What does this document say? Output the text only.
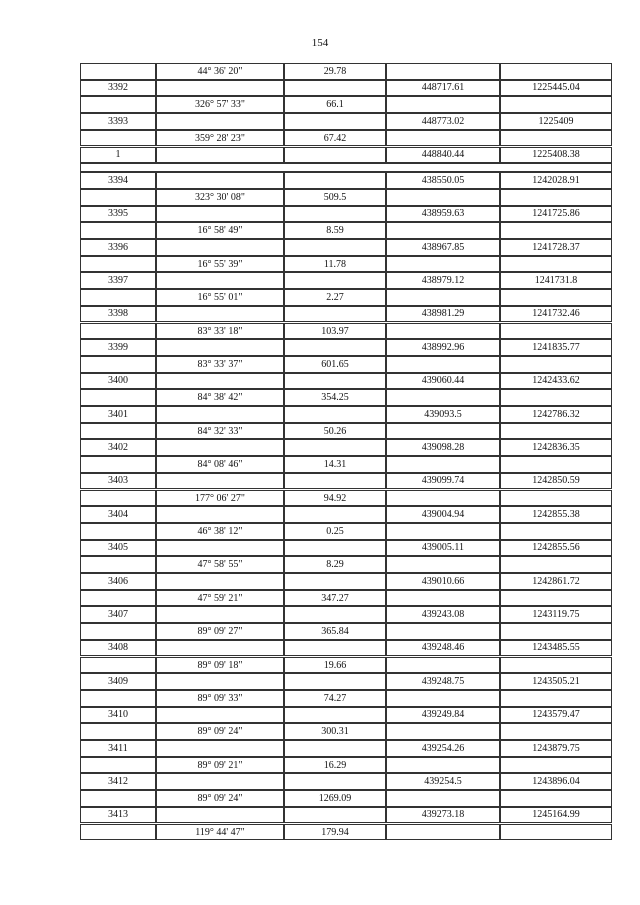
154
44° 36' 20"	29.78
3392	448717.61	1225445.04
326° 57' 33"	66.1
3393	448773.02	1225409
359° 28' 23"	67.42
1	448840.44	1225408.38
3394	438550.05	1242028.91
323° 30' 08"	509.5
3395	438959.63	1241725.86
16° 58' 49"	8.59
3396	438967.85	1241728.37
16° 55' 39"	11.78
3397	438979.12	1241731.8
16° 55' 01"	2.27
3398	438981.29	1241732.46
83° 33' 18"	103.97
3399	438992.96	1241835.77
83° 33' 37"	601.65
3400	439060.44	1242433.62
84° 38' 42"	354.25
3401	439093.5	1242786.32
84° 32' 33"	50.26
3402	439098.28	1242836.35
84° 08' 46"	14.31
3403	439099.74	1242850.59
177° 06' 27"	94.92
3404	439004.94	1242855.38
46° 38' 12"	0.25
3405	439005.11	1242855.56
47° 58' 55"	8.29
3406	439010.66	1242861.72
47° 59' 21"	347.27
3407	439243.08	1243119.75
89° 09' 27"	365.84
3408	439248.46	1243485.55
89° 09' 18"	19.66
3409	439248.75	1243505.21
89° 09' 33"	74.27
3410	439249.84	1243579.47
89° 09' 24"	300.31
3411	439254.26	1243879.75
89° 09' 21"	16.29
3412	439254.5	1243896.04
89° 09' 24"	1269.09
3413	439273.18	1245164.99
119° 44' 47"	179.94
